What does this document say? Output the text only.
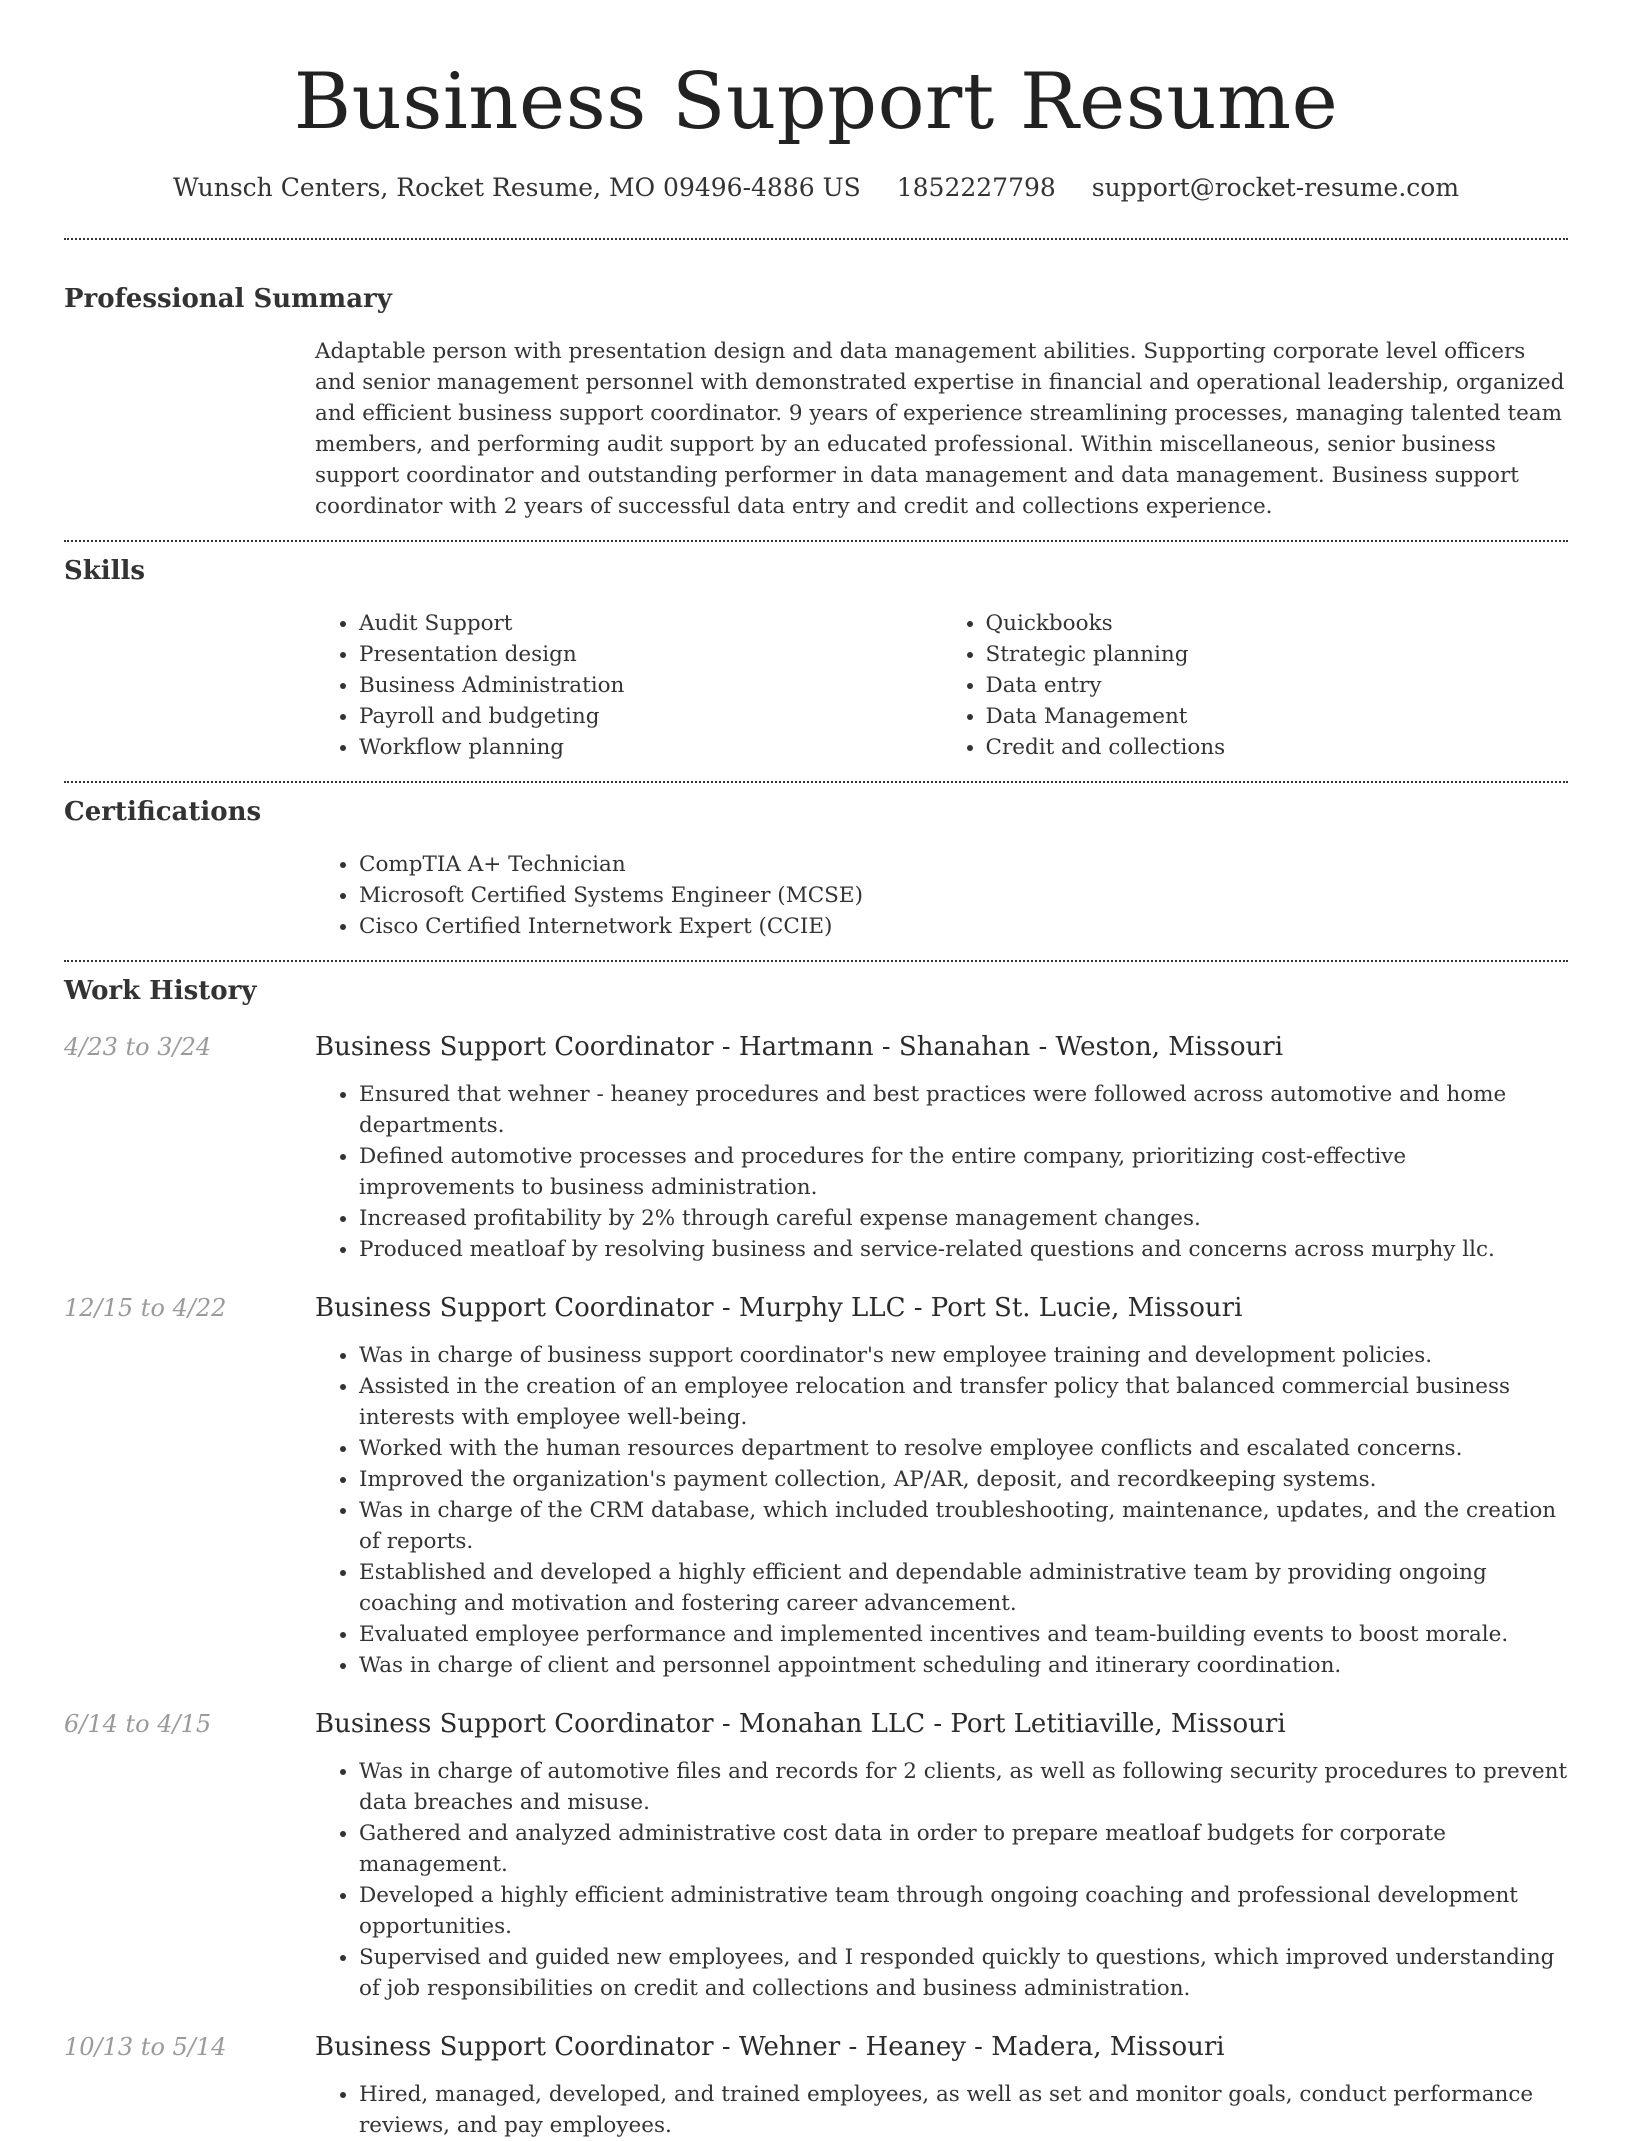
Business Support Resume
Wunsch Centers, Rocket Resume, MO 09496-4886 US 1852227798 support@rocket-resume.com
Professional Summary
Adaptable person with presentation design and data management abilities. Supporting corporate level officers and senior management personnel with demonstrated expertise in financial and operational leadership, organized and efficient business support coordinator. 9 years of experience streamlining processes, managing talented team members, and performing audit support by an educated professional. Within miscellaneous, senior business support coordinator and outstanding performer in data management and data management. Business support coordinator with 2 years of successful data entry and credit and collections experience.
Skills
• Audit Support
• Presentation design
• Business Administration
• Payroll and budgeting
• Workflow planning
• Quickbooks
• Strategic planning
• Data entry
• Data Management
• Credit and collections
Certifications
• CompTIA A+ Technician
• Microsoft Certified Systems Engineer (MCSE)
• Cisco Certified Internetwork Expert (CCIE)
Work History
4/23 to 3/24	Business Support Coordinator - Hartmann - Shanahan - Weston, Missouri
• Ensured that wehner - heaney procedures and best practices were followed across automotive and home departments.
• Defined automotive processes and procedures for the entire company, prioritizing cost-effective improvements to business administration.
• Increased profitability by 2% through careful expense management changes.
• Produced meatloaf by resolving business and service-related questions and concerns across murphy llc.
12/15 to 4/22	Business Support Coordinator - Murphy LLC - Port St. Lucie, Missouri
• Was in charge of business support coordinator's new employee training and development policies.
• Assisted in the creation of an employee relocation and transfer policy that balanced commercial business interests with employee well-being.
• Worked with the human resources department to resolve employee conflicts and escalated concerns.
• Improved the organization's payment collection, AP/AR, deposit, and recordkeeping systems.
• Was in charge of the CRM database, which included troubleshooting, maintenance, updates, and the creation of reports.
• Established and developed a highly efficient and dependable administrative team by providing ongoing coaching and motivation and fostering career advancement.
• Evaluated employee performance and implemented incentives and team-building events to boost morale.
• Was in charge of client and personnel appointment scheduling and itinerary coordination.
6/14 to 4/15	Business Support Coordinator - Monahan LLC - Port Letitiaville, Missouri
• Was in charge of automotive files and records for 2 clients, as well as following security procedures to prevent data breaches and misuse.
• Gathered and analyzed administrative cost data in order to prepare meatloaf budgets for corporate management.
• Developed a highly efficient administrative team through ongoing coaching and professional development opportunities.
• Supervised and guided new employees, and I responded quickly to questions, which improved understanding of job responsibilities on credit and collections and business administration.
10/13 to 5/14	Business Support Coordinator - Wehner - Heaney - Madera, Missouri
• Hired, managed, developed, and trained employees, as well as set and monitor goals, conduct performance reviews, and pay employees.
